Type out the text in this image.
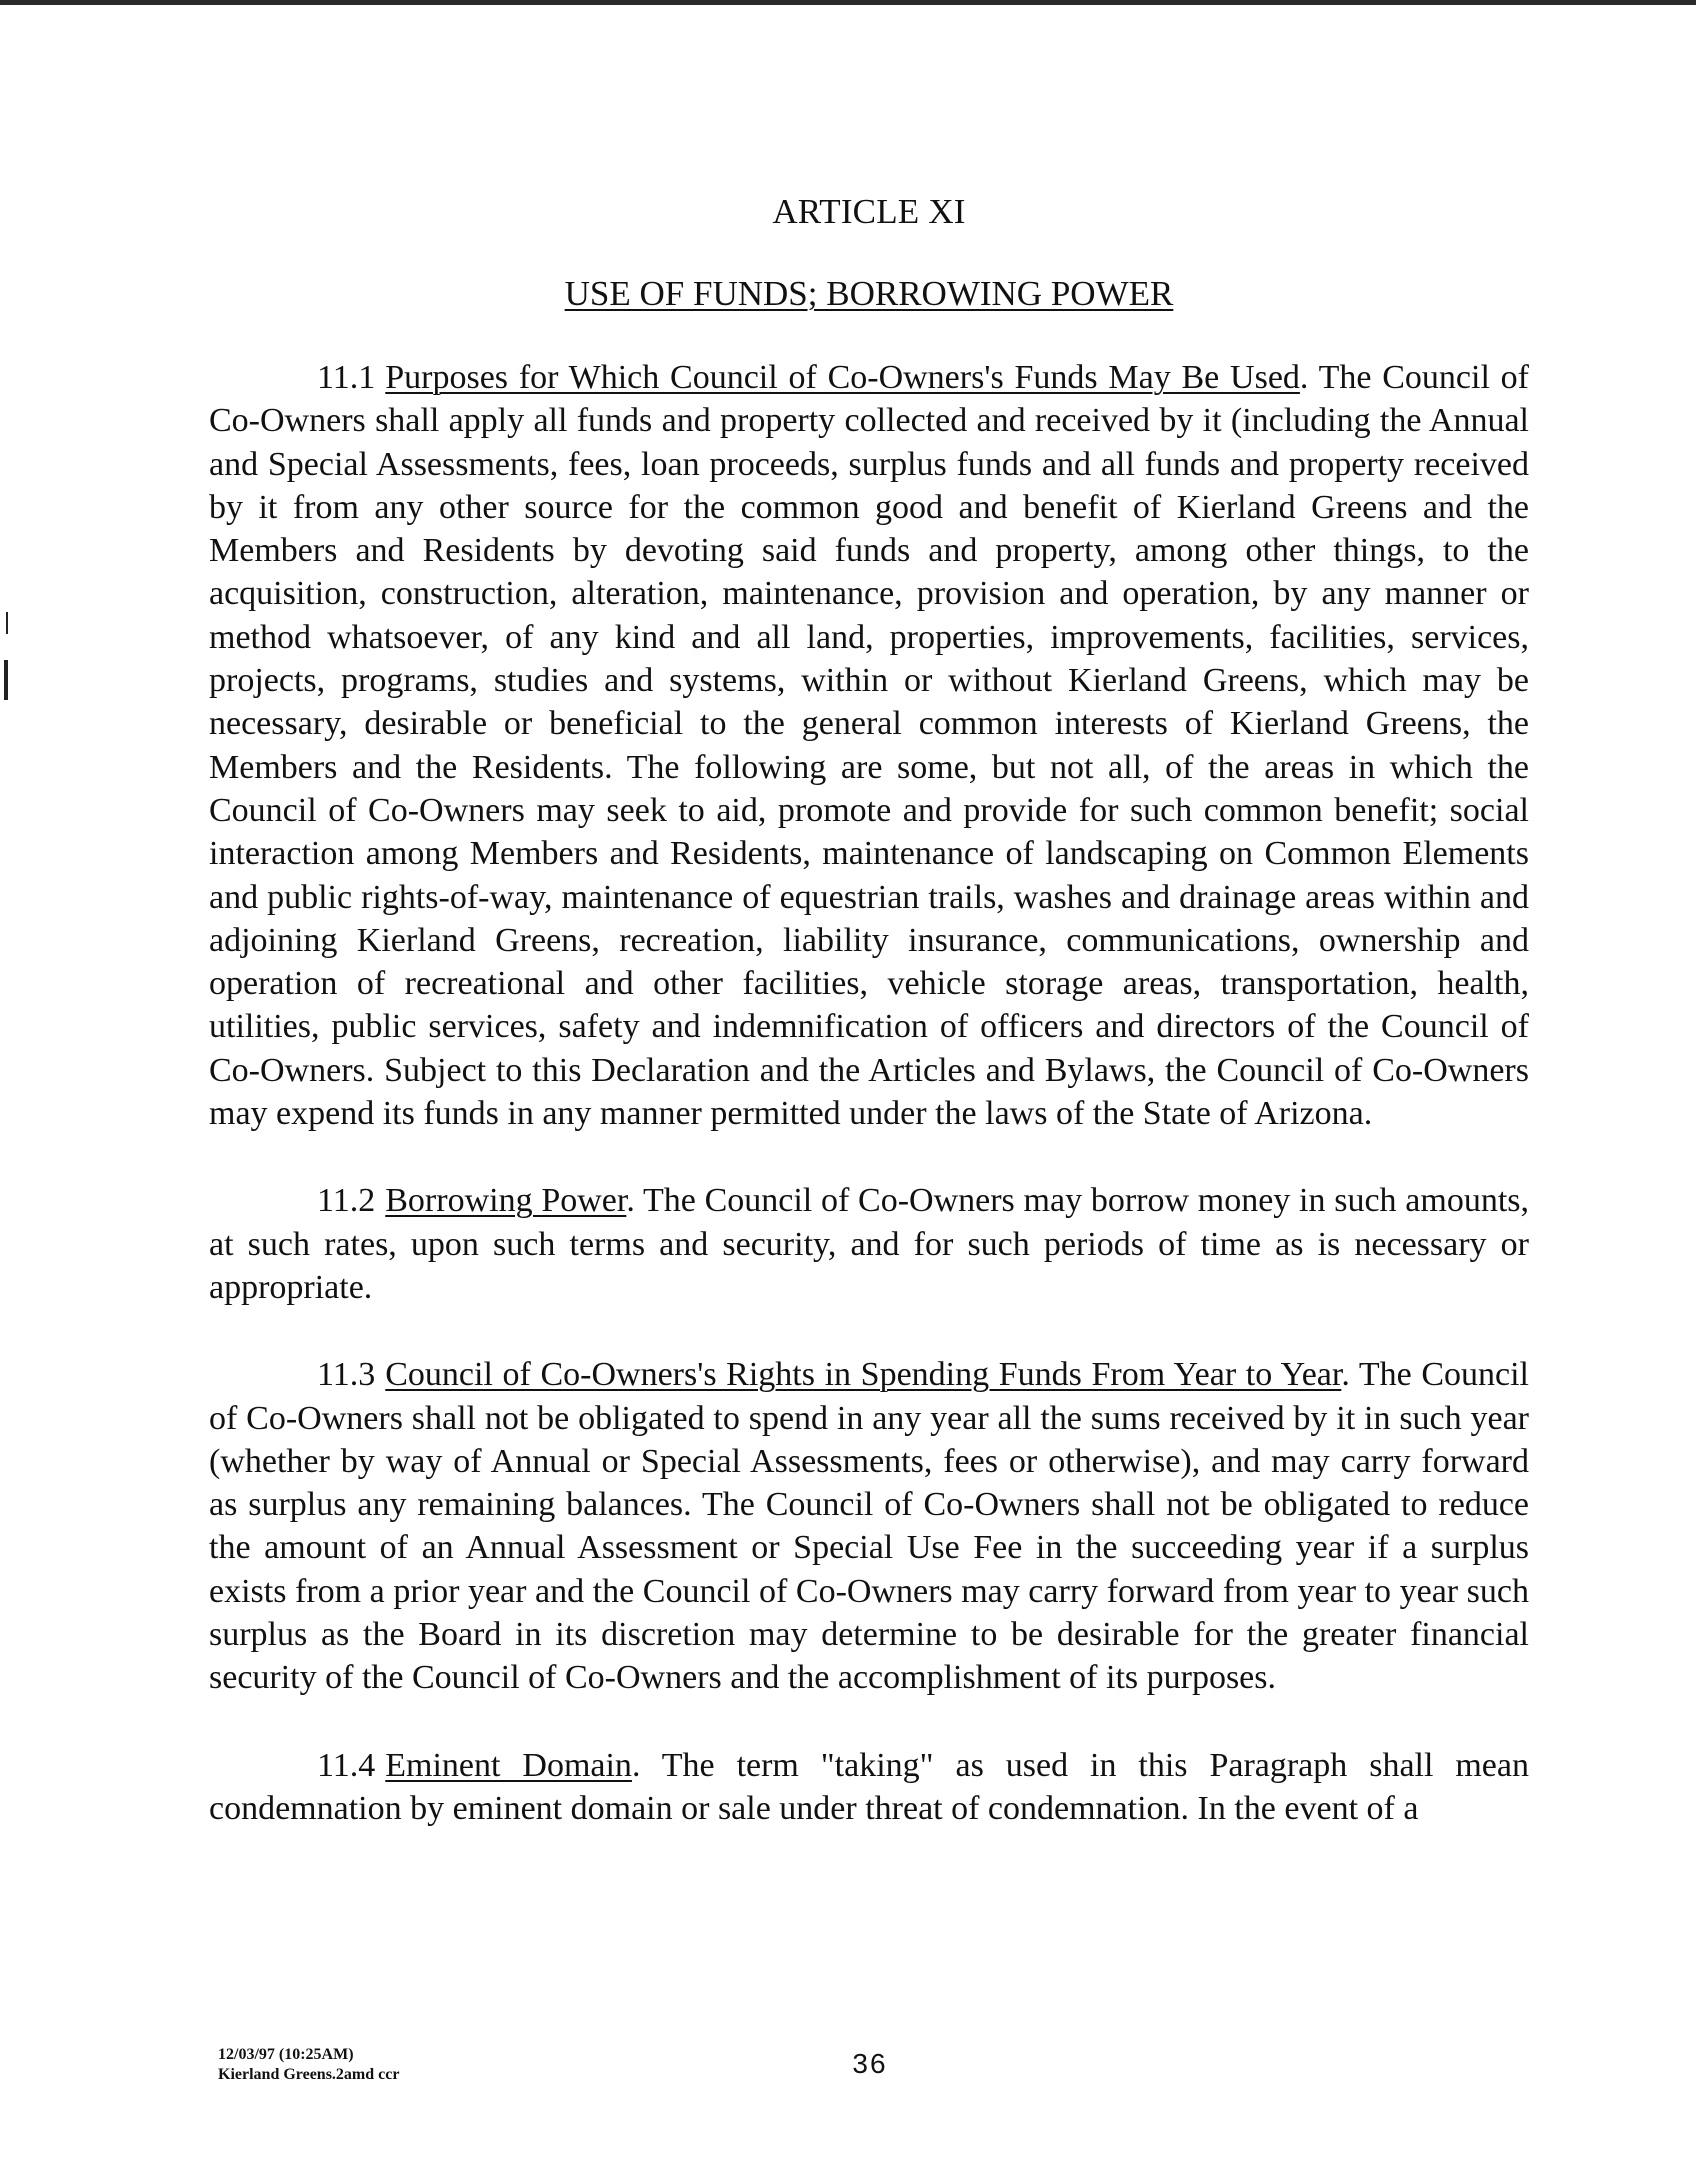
ARTICLE XI
USE OF FUNDS; BORROWING POWER

11.1 Purposes for Which Council of Co-Owners's Funds May Be Used. The Council of Co-Owners shall apply all funds and property collected and received by it (including the Annual and Special Assessments, fees, loan proceeds, surplus funds and all funds and property received by it from any other source for the common good and benefit of Kierland Greens and the Members and Residents by devoting said funds and property, among other things, to the acquisition, construction, alteration, maintenance, provision and operation, by any manner or method whatsoever, of any kind and all land, properties, improvements, facilities, services, projects, programs, studies and systems, within or without Kierland Greens, which may be necessary, desirable or beneficial to the general common interests of Kierland Greens, the Members and the Residents. The following are some, but not all, of the areas in which the Council of Co-Owners may seek to aid, promote and provide for such common benefit; social interaction among Members and Residents, maintenance of landscaping on Common Elements and public rights-of-way, maintenance of equestrian trails, washes and drainage areas within and adjoining Kierland Greens, recreation, liability insurance, communications, ownership and operation of recreational and other facilities, vehicle storage areas, transportation, health, utilities, public services, safety and indemnification of officers and directors of the Council of Co-Owners. Subject to this Declaration and the Articles and Bylaws, the Council of Co-Owners may expend its funds in any manner permitted under the laws of the State of Arizona.

11.2 Borrowing Power. The Council of Co-Owners may borrow money in such amounts, at such rates, upon such terms and security, and for such periods of time as is necessary or appropriate.

11.3 Council of Co-Owners's Rights in Spending Funds From Year to Year. The Council of Co-Owners shall not be obligated to spend in any year all the sums received by it in such year (whether by way of Annual or Special Assessments, fees or otherwise), and may carry forward as surplus any remaining balances. The Council of Co-Owners shall not be obligated to reduce the amount of an Annual Assessment or Special Use Fee in the succeeding year if a surplus exists from a prior year and the Council of Co-Owners may carry forward from year to year such surplus as the Board in its discretion may determine to be desirable for the greater financial security of the Council of Co-Owners and the accomplishment of its purposes.

11.4 Eminent Domain. The term "taking" as used in this Paragraph shall mean condemnation by eminent domain or sale under threat of condemnation. In the event of a

12/03/97 (10:25AM)
Kierland Greens.2amd ccr	36
